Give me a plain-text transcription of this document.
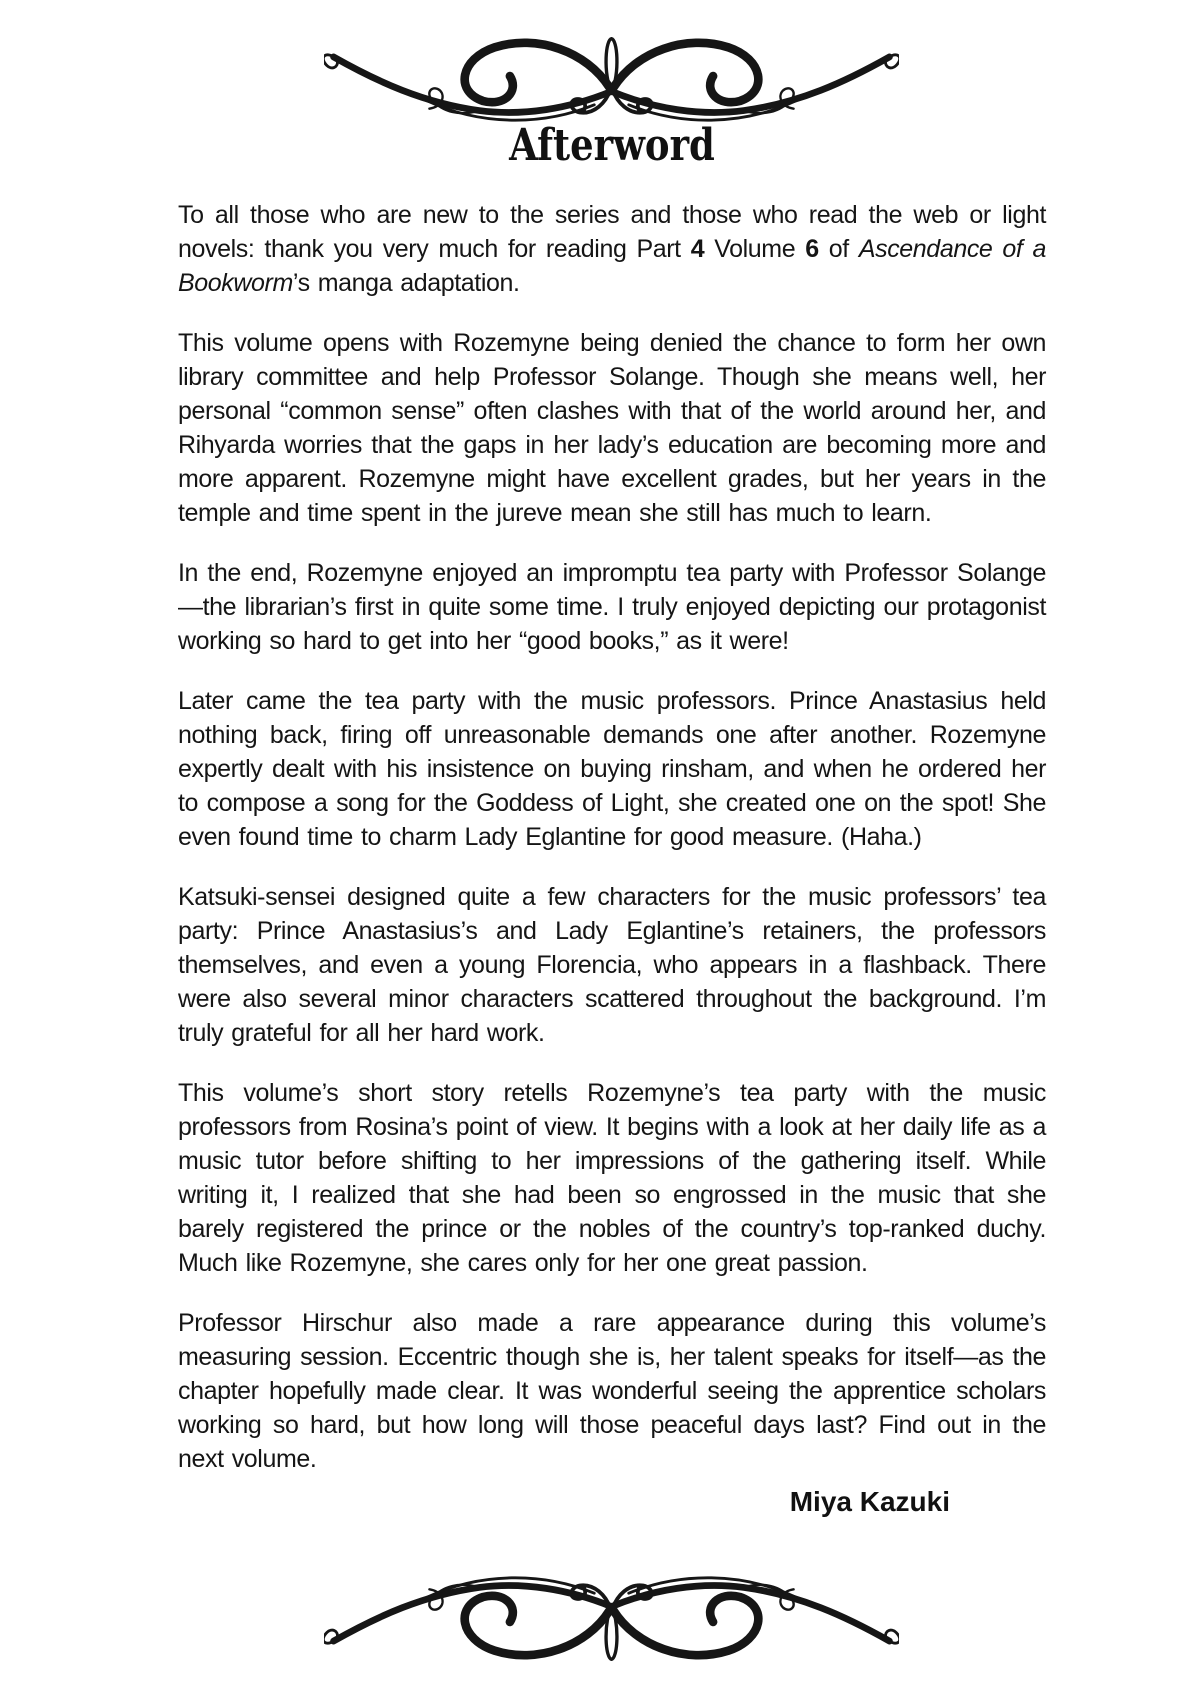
Afterword

To all those who are new to the series and those who read the web or light novels: thank you very much for reading Part 4 Volume 6 of Ascendance of a Bookworm’s manga adaptation.

This volume opens with Rozemyne being denied the chance to form her own library committee and help Professor Solange. Though she means well, her personal “common sense” often clashes with that of the world around her, and Rihyarda worries that the gaps in her lady’s education are becoming more and more apparent. Rozemyne might have excellent grades, but her years in the temple and time spent in the jureve mean she still has much to learn.

In the end, Rozemyne enjoyed an impromptu tea party with Professor Solange—the librarian’s first in quite some time. I truly enjoyed depicting our protagonist working so hard to get into her “good books,” as it were!

Later came the tea party with the music professors. Prince Anastasius held nothing back, firing off unreasonable demands one after another. Rozemyne expertly dealt with his insistence on buying rinsham, and when he ordered her to compose a song for the Goddess of Light, she created one on the spot! She even found time to charm Lady Eglantine for good measure. (Haha.)

Katsuki-sensei designed quite a few characters for the music professors’ tea party: Prince Anastasius’s and Lady Eglantine’s retainers, the professors themselves, and even a young Florencia, who appears in a flashback. There were also several minor characters scattered throughout the background. I’m truly grateful for all her hard work.

This volume’s short story retells Rozemyne’s tea party with the music professors from Rosina’s point of view. It begins with a look at her daily life as a music tutor before shifting to her impressions of the gathering itself. While writing it, I realized that she had been so engrossed in the music that she barely registered the prince or the nobles of the country’s top-ranked duchy. Much like Rozemyne, she cares only for her one great passion.

Professor Hirschur also made a rare appearance during this volume’s measuring session. Eccentric though she is, her talent speaks for itself—as the chapter hopefully made clear. It was wonderful seeing the apprentice scholars working so hard, but how long will those peaceful days last? Find out in the next volume.

Miya Kazuki
